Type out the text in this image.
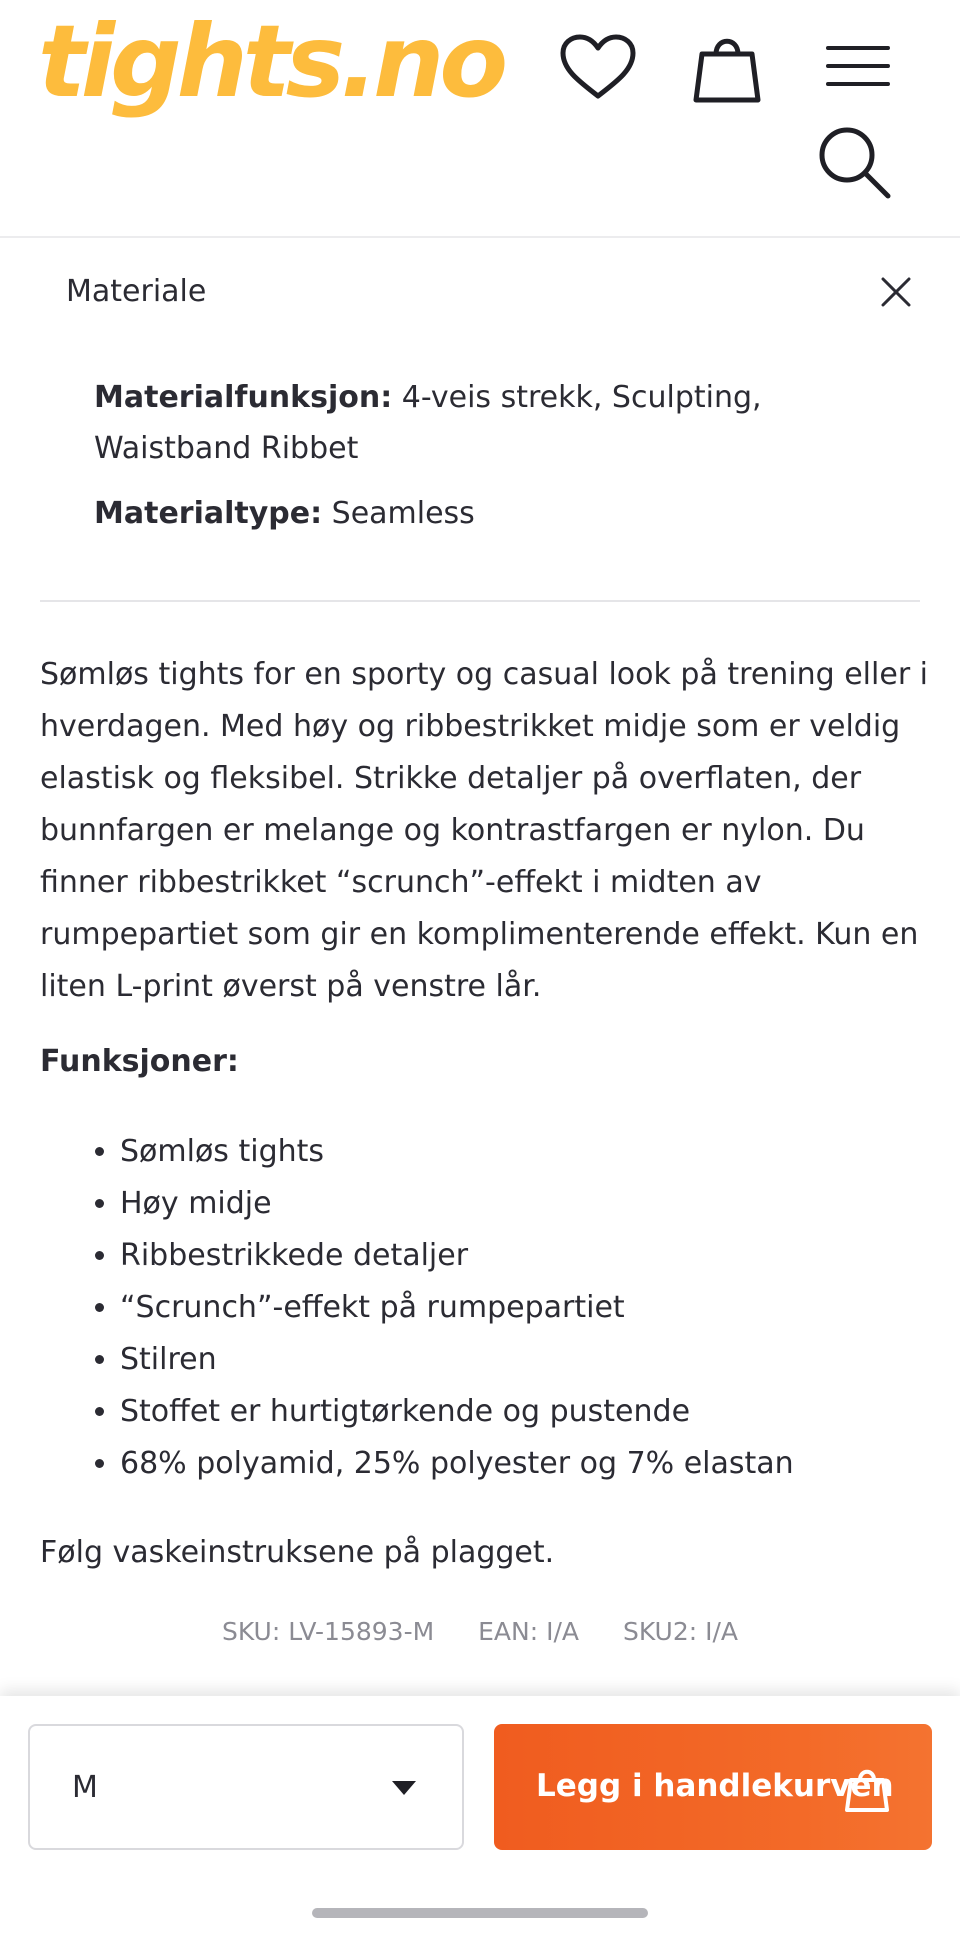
tights.no
Materiale

Materialfunksjon: 4-veis strekk, Sculpting, Waistband Ribbet

Materialtype: Seamless

Sømløs tights for en sporty og casual look på trening eller i hverdagen. Med høy og ribbestrikket midje som er veldig elastisk og fleksibel. Strikke detaljer på overflaten, der bunnfargen er melange og kontrastfargen er nylon. Du finner ribbestrikket “scrunch”-effekt i midten av rumpepartiet som gir en komplimenterende effekt. Kun en liten L-print øverst på venstre lår.

Funksjoner:
• Sømløs tights
• Høy midje
• Ribbestrikkede detaljer
• “Scrunch”-effekt på rumpepartiet
• Stilren
• Stoffet er hurtigtørkende og pustende
• 68% polyamid, 25% polyester og 7% elastan
Følg vaskeinstruksene på plagget.
SKU: LV-15893-M EAN: I/A SKU2: I/A
M	Legg i handlekurven
